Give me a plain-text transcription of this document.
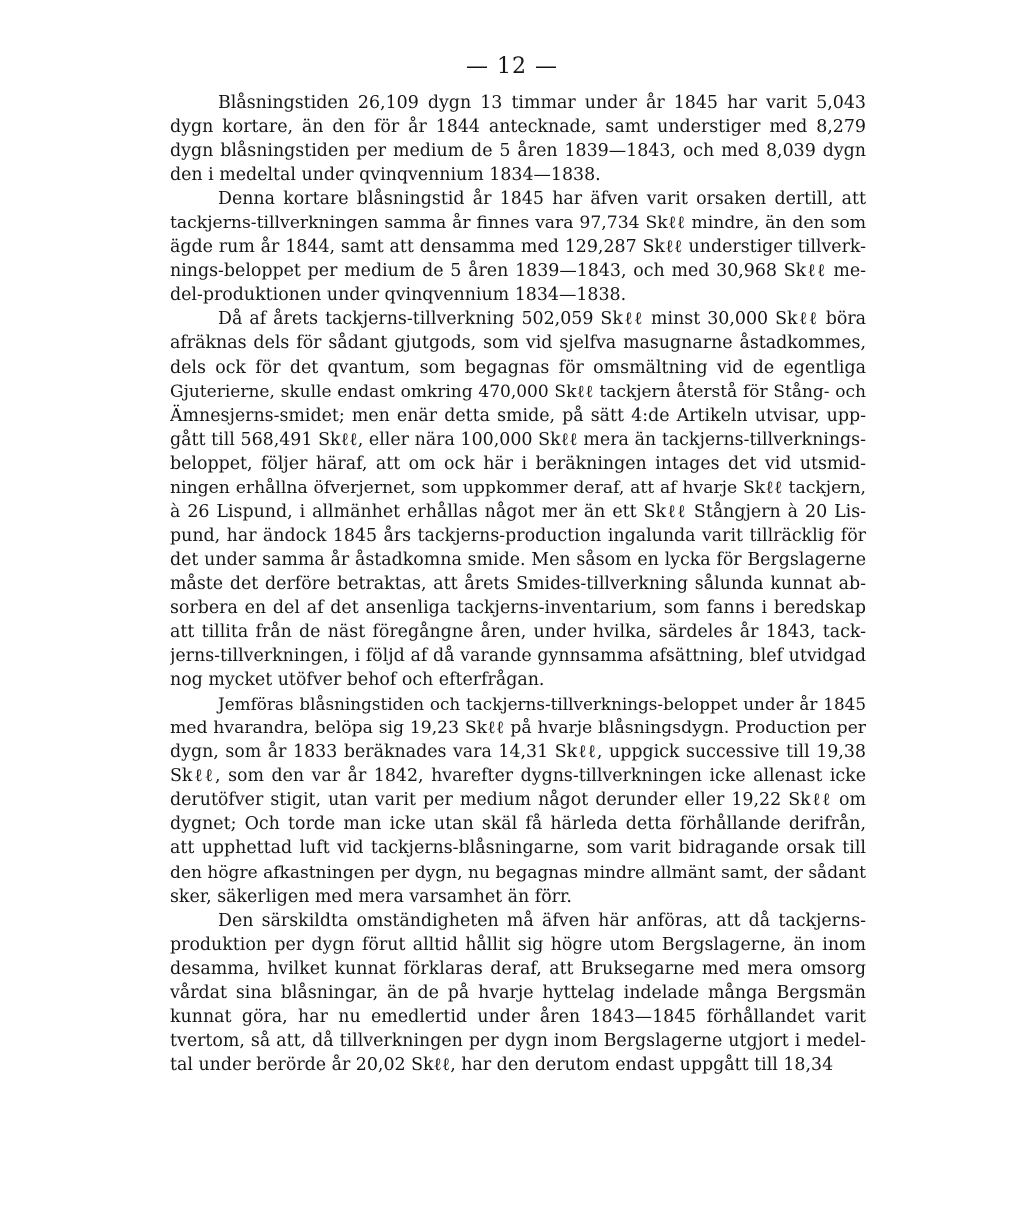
— 12 —
Blåsningstiden 26,109 dygn 13 timmar under år 1845 har varit 5,043
dygn kortare, än den för år 1844 antecknade, samt understiger med 8,279
dygn blåsningstiden per medium de 5 åren 1839—1843, och med 8,039 dygn
den i medeltal under qvinqvennium 1834—1838.
Denna kortare blåsningstid år 1845 har äfven varit orsaken dertill, att
tackjerns-tillverkningen samma år finnes vara 97,734 Skℓℓ mindre, än den som
ägde rum år 1844, samt att densamma med 129,287 Skℓℓ understiger tillverk-
nings-beloppet per medium de 5 åren 1839—1843, och med 30,968 Skℓℓ me-
del-produktionen under qvinqvennium 1834—1838.
Då af årets tackjerns-tillverkning 502,059 Skℓℓ minst 30,000 Skℓℓ böra
afräknas dels för sådant gjutgods, som vid sjelfva masugnarne åstadkommes,
dels ock för det qvantum, som begagnas för omsmältning vid de egentliga
Gjuterierne, skulle endast omkring 470,000 Skℓℓ tackjern återstå för Stång- och
Ämnesjerns-smidet; men enär detta smide, på sätt 4:de Artikeln utvisar, upp-
gått till 568,491 Skℓℓ, eller nära 100,000 Skℓℓ mera än tackjerns-tillverknings-
beloppet, följer häraf, att om ock här i beräkningen intages det vid utsmid-
ningen erhållna öfverjernet, som uppkommer deraf, att af hvarje Skℓℓ tackjern,
à 26 Lispund, i allmänhet erhållas något mer än ett Skℓℓ Stångjern à 20 Lis-
pund, har ändock 1845 års tackjerns-production ingalunda varit tillräcklig för
det under samma år åstadkomna smide. Men såsom en lycka för Bergslagerne
måste det derföre betraktas, att årets Smides-tillverkning sålunda kunnat ab-
sorbera en del af det ansenliga tackjerns-inventarium, som fanns i beredskap
att tillita från de näst föregångne åren, under hvilka, särdeles år 1843, tack-
jerns-tillverkningen, i följd af då varande gynnsamma afsättning, blef utvidgad
nog mycket utöfver behof och efterfrågan.
Jemföras blåsningstiden och tackjerns-tillverknings-beloppet under år 1845
med hvarandra, belöpa sig 19,23 Skℓℓ på hvarje blåsningsdygn. Production per
dygn, som år 1833 beräknades vara 14,31 Skℓℓ, uppgick successive till 19,38
Skℓℓ, som den var år 1842, hvarefter dygns-tillverkningen icke allenast icke
derutöfver stigit, utan varit per medium något derunder eller 19,22 Skℓℓ om
dygnet; Och torde man icke utan skäl få härleda detta förhållande derifrån,
att upphettad luft vid tackjerns-blåsningarne, som varit bidragande orsak till
den högre afkastningen per dygn, nu begagnas mindre allmänt samt, der sådant
sker, säkerligen med mera varsamhet än förr.
Den särskildta omständigheten må äfven här anföras, att då tackjerns-
produktion per dygn förut alltid hållit sig högre utom Bergslagerne, än inom
desamma, hvilket kunnat förklaras deraf, att Bruksegarne med mera omsorg
vårdat sina blåsningar, än de på hvarje hyttelag indelade många Bergsmän
kunnat göra, har nu emedlertid under åren 1843—1845 förhållandet varit
tvertom, så att, då tillverkningen per dygn inom Bergslagerne utgjort i medel-
tal under berörde år 20,02 Skℓℓ, har den derutom endast uppgått till 18,34
